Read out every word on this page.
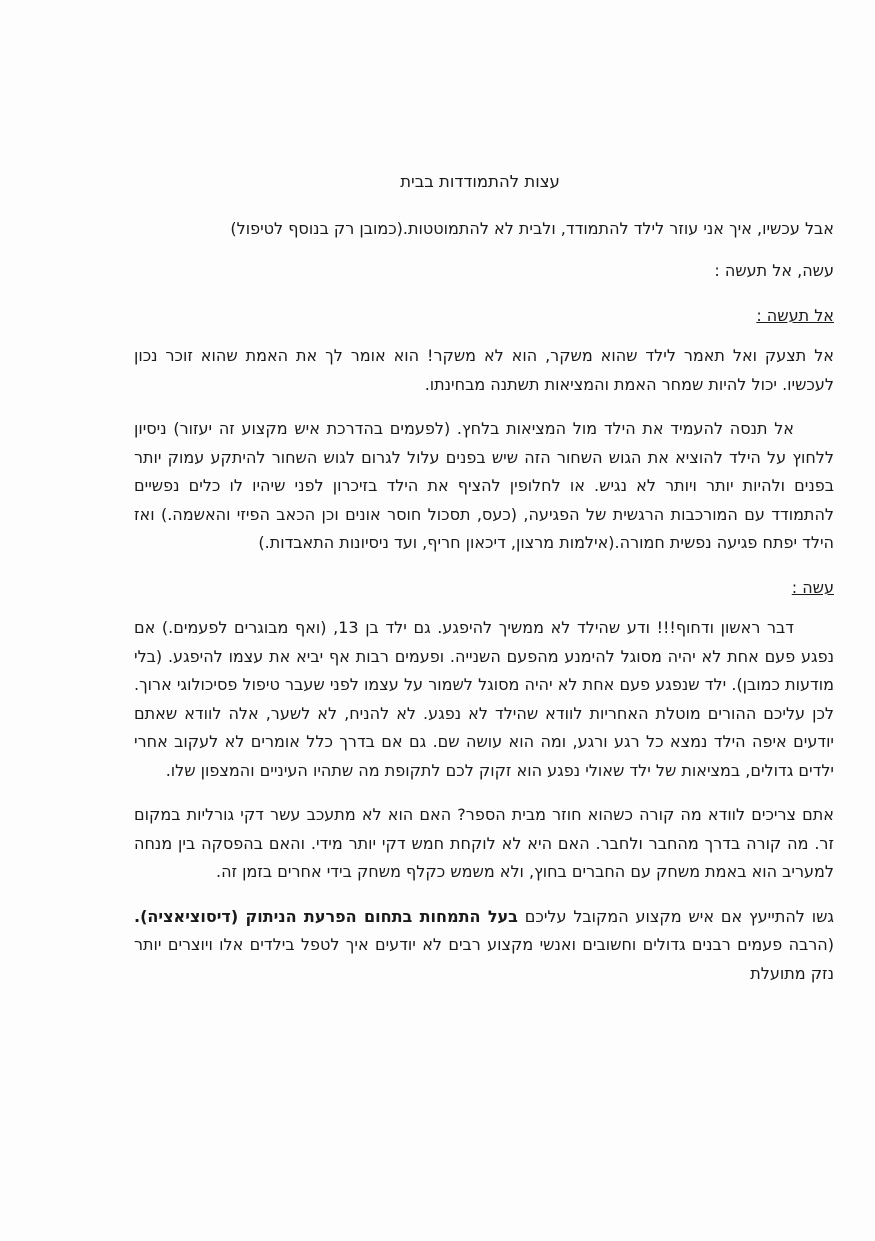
עצות להתמודדות בבית

אבל עכשיו, איך אני עוזר לילד להתמודד, ולבית לא להתמוטטות.(כמובן רק בנוסף לטיפול)

עשה, אל תעשה :

אל תעשה :

אל תצעק ואל תאמר לילד שהוא משקר, הוא לא משקר! הוא אומר לך את האמת שהוא זוכר נכון לעכשיו. יכול להיות שמחר האמת והמציאות תשתנה מבחינתו.

אל תנסה להעמיד את הילד מול המציאות בלחץ. (לפעמים בהדרכת איש מקצוע זה יעזור) ניסיון ללחוץ על הילד להוציא את הגוש השחור הזה שיש בפנים עלול לגרום לגוש השחור להיתקע עמוק יותר בפנים ולהיות יותר ויותר לא נגיש. או לחלופין להציף את הילד בזיכרון לפני שיהיו לו כלים נפשיים להתמודד עם המורכבות הרגשית של הפגיעה, (כעס, תסכול חוסר אונים וכן הכאב הפיזי והאשמה.) ואז הילד יפתח פגיעה נפשית חמורה.(אילמות מרצון, דיכאון חריף, ועד ניסיונות התאבדות.)

עשה :

דבר ראשון ודחוף!!! ודע שהילד לא ממשיך להיפגע. גם ילד בן 13, (ואף מבוגרים לפעמים.) אם נפגע פעם אחת לא יהיה מסוגל להימנע מהפעם השנייה. ופעמים רבות אף יביא את עצמו להיפגע. (בלי מודעות כמובן). ילד שנפגע פעם אחת לא יהיה מסוגל לשמור על עצמו לפני שעבר טיפול פסיכולוגי ארוך. לכן עליכם ההורים מוטלת האחריות לוודא שהילד לא נפגע. לא להניח, לא לשער, אלה לוודא שאתם יודעים איפה הילד נמצא כל רגע ורגע, ומה הוא עושה שם. גם אם בדרך כלל אומרים לא לעקוב אחרי ילדים גדולים, במציאות של ילד שאולי נפגע הוא זקוק לכם לתקופת מה שתהיו העיניים והמצפון שלו.

אתם צריכים לוודא מה קורה כשהוא חוזר מבית הספר? האם הוא לא מתעכב עשר דקי גורליות במקום זר. מה קורה בדרך מהחבר ולחבר. האם היא לא לוקחת חמש דקי יותר מידי. והאם בהפסקה בין מנחה למעריב הוא באמת משחק עם החברים בחוץ, ולא משמש כקלף משחק בידי אחרים בזמן זה.

גשו להתייעץ אם איש מקצוע המקובל עליכם בעל התמחות בתחום הפרעת הניתוק (דיסוציאציה). (הרבה פעמים רבנים גדולים וחשובים ואנשי מקצוע רבים לא יודעים איך לטפל בילדים אלו ויוצרים יותר נזק מתועלת
